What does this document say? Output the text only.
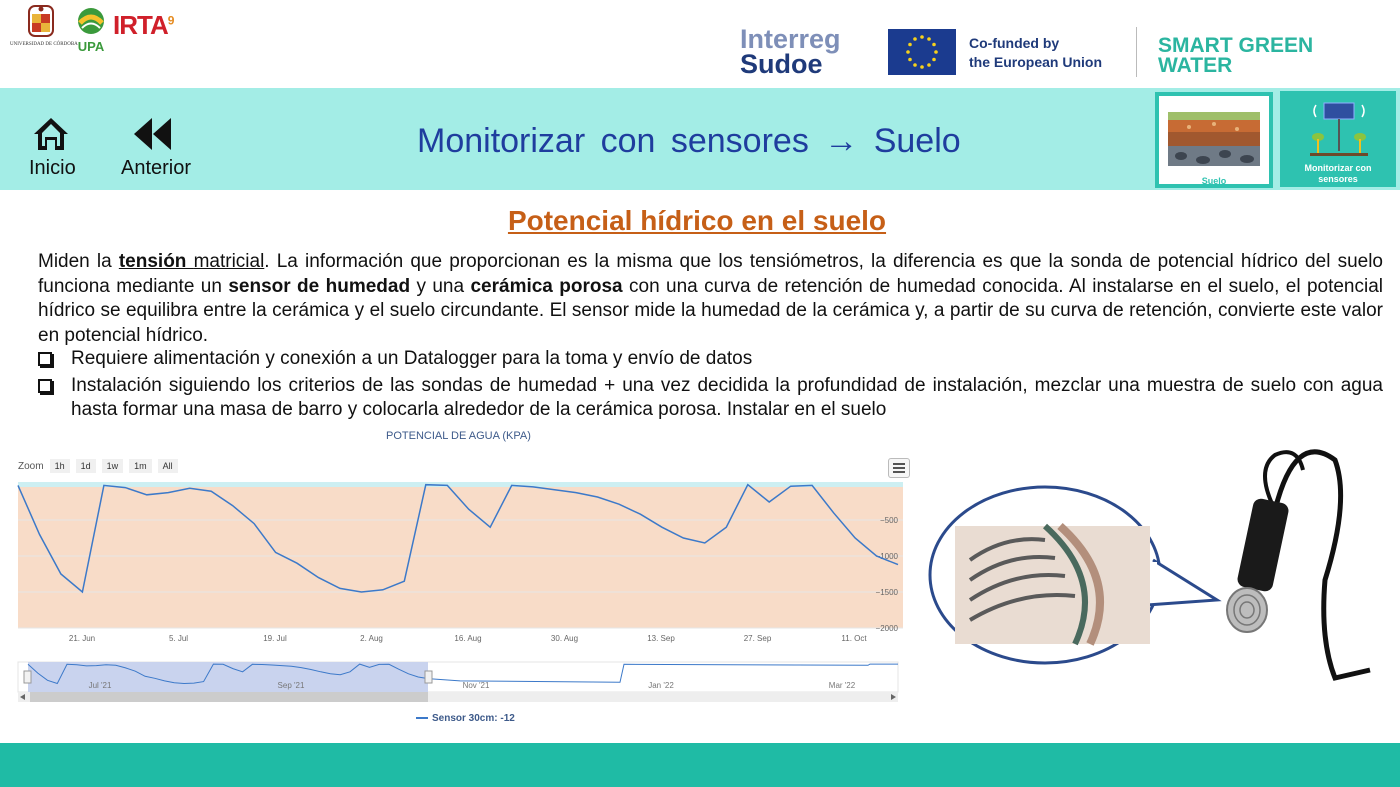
UNIVERSIDAD DE CÓRDOBA UPA
IRTA$^9$
Interreg
Sudoe
Co-funded by
the European Union
SMART GREEN
WATER
Inicio Anterior
Monitorizar con sensores → Suelo
Suelo
Monitorizar con sensores
Potencial hídrico en el suelo
Miden la tensión matricial. La información que proporcionan es la misma que los tensiómetros, la diferencia es que la sonda de potencial hídrico del suelo funciona mediante un sensor de humedad y una cerámica porosa con una curva de retención de humedad conocida. Al instalarse en el suelo, el potencial hídrico se equilibra entre la cerámica y el suelo circundante. El sensor mide la humedad de la cerámica y, a partir de su curva de retención, convierte este valor en potencial hídrico.
Requiere alimentación y conexión a un Datalogger para la toma y envío de datos
Instalación siguiendo los criterios de las sondas de humedad + una vez decidida la profundidad de instalación, mezclar una muestra de suelo con agua hasta formar una masa de barro y colocarla alrededor de la cerámica porosa. Instalar en el suelo
POTENCIAL DE AGUA (KPA)
Zoom	1h	1d	1w	1m	All
−500
−1000
−1500
−2000
21. Jun	5. Jul	19. Jul	2. Aug	16. Aug	30. Aug	13. Sep	27. Sep	11. Oct
Jul '21	Sep '21	Nov '21	Jan '22	Mar '22
Sensor 30cm: -12
